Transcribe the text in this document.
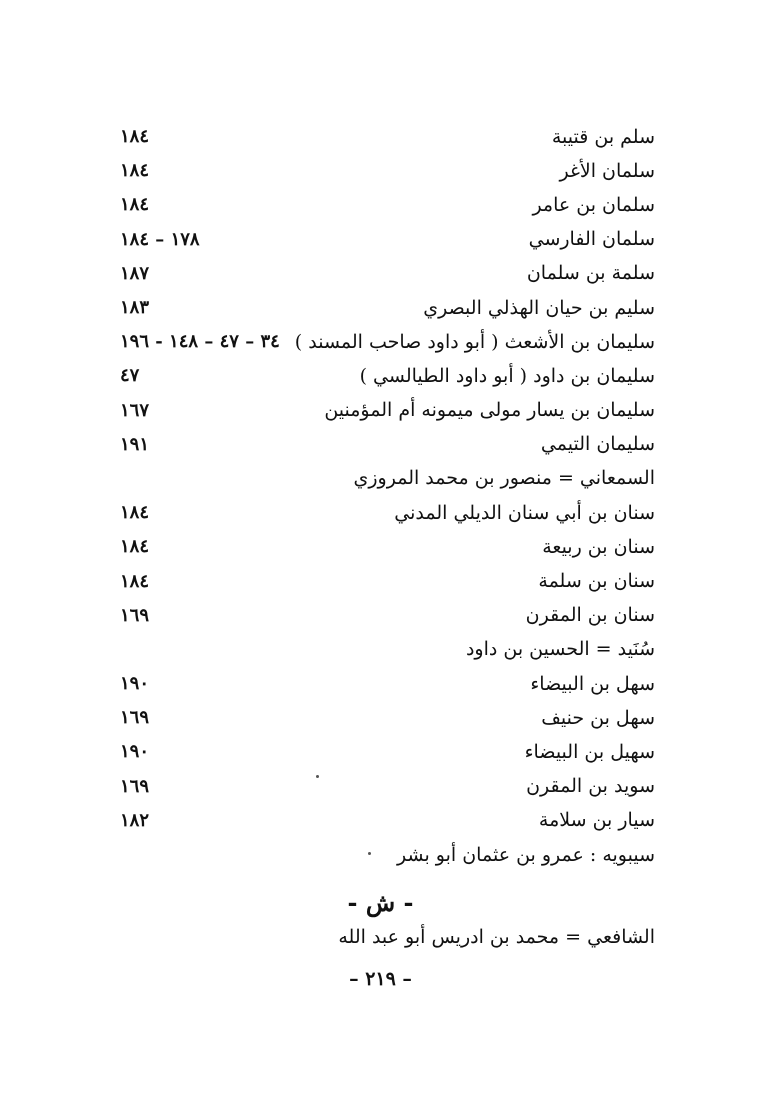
سلم بن قتيبة
١٨٤
سلمان الأغر
١٨٤
سلمان بن عامر
١٨٤
سلمان الفارسي
١٧٨ – ١٨٤
سلمة بن سلمان
١٨٧
سليم بن حيان الهذلي البصري
١٨٣
سليمان بن الأشعث ( أبو داود صاحب المسند )
٣٤ – ٤٧ – ١٤٨ - ١٩٦
سليمان بن داود ( أبو داود الطيالسي )
٤٧
سليمان بن يسار مولى ميمونه أم المؤمنين
١٦٧
سليمان التيمي
١٩١
السمعاني = منصور بن محمد المروزي
سنان بن أبي سنان الديلي المدني
١٨٤
سنان بن ربيعة
١٨٤
سنان بن سلمة
١٨٤
سنان بن المقرن
١٦٩
سُنَيد = الحسين بن داود
سهل بن البيضاء
١٩٠
سهل بن حنيف
١٦٩
سهيل بن البيضاء
١٩٠
سويد بن المقرن
١٦٩
سيار بن سلامة
١٨٢
سيبويه : عمرو بن عثمان أبو بشر
- ش -
الشافعي = محمد بن ادريس أبو عبد الله
– ٢١٩ –
